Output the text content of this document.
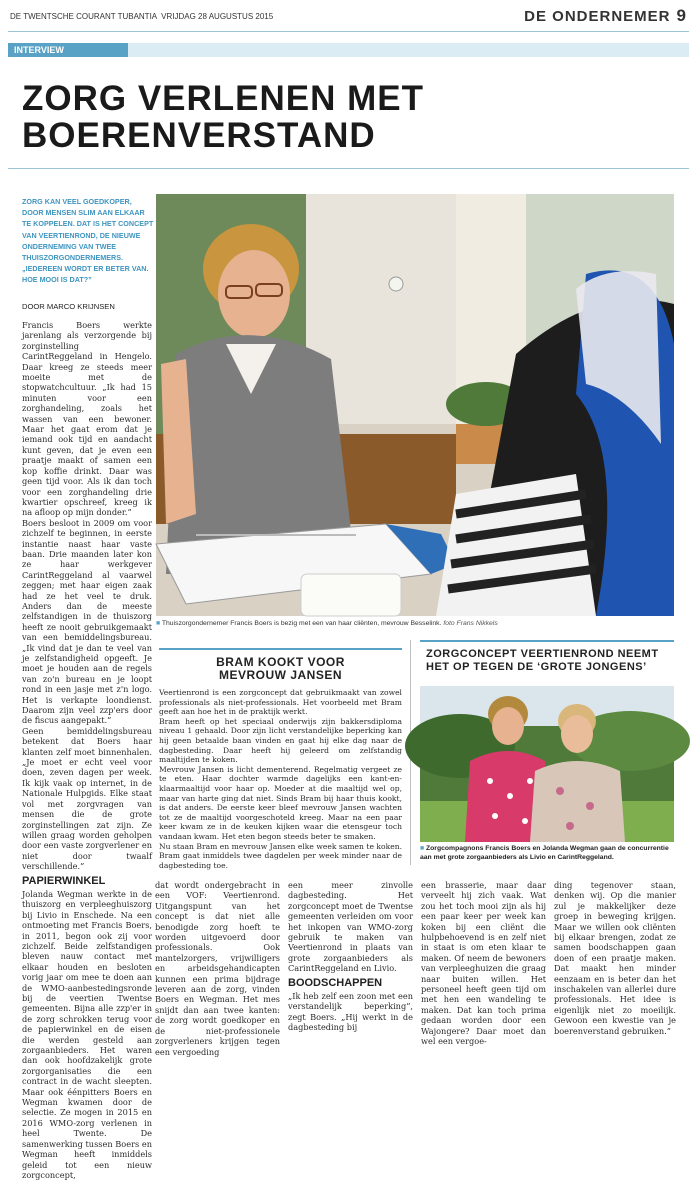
DE TWENTSCHE COURANT TUBANTIA VRIJDAG 28 AUGUSTUS 2015	DE ONDERNEMER 9
INTERVIEW
ZORG VERLENEN MET
BOERENVERSTAND
ZORG KAN VEEL GOEDKOPER, DOOR MENSEN SLIM AAN ELKAAR TE KOPPELEN. DAT IS HET CONCEPT VAN VEERTIENROND, DE NIEUWE ONDERNEMING VAN TWEE THUISZORGONDERNEMERS. „IEDEREEN WORDT ER BETER VAN. HOE MOOI IS DAT?”
DOOR MARCO KRIJNSEN

Francis Boers werkte jarenlang als verzorgende bij zorginstelling CarintReggeland in Hengelo. Daar kreeg ze steeds meer moeite met de stopwatchcultuur. „Ik had 15 minuten voor een zorghandeling, zoals het wassen van een bewoner. Maar het gaat erom dat je iemand ook tijd en aandacht kunt geven, dat je even een praatje maakt of samen een kop koffie drinkt. Daar was geen tijd voor. Als ik dan toch voor een zorghandeling drie kwartier opschreef, kreeg ik na afloop op mijn donder.”

Boers besloot in 2009 om voor zichzelf te beginnen, in eerste instantie naast haar vaste baan. Drie maanden later kon ze haar werkgever CarintReggeland al vaarwel zeggen; met haar eigen zaak had ze het veel te druk. Anders dan de meeste zelfstandigen in de thuiszorg heeft ze nooit gebruikgemaakt van een bemiddelingsbureau. „Ik vind dat je dan te veel van je zelfstandigheid opgeeft. Je moet je houden aan de regels van zo'n bureau en je loopt rond in een jasje met z'n logo. Het is verkapte loondienst. Daarom zijn veel zzp'ers door de fiscus aangepakt.”

Geen bemiddelingsbureau betekent dat Boers haar klanten zelf moet binnenhalen. „Je moet er echt veel voor doen, zeven dagen per week. Ik kijk vaak op internet, in de Nationale Hulpgids. Elke staat vol met zorgvragen van mensen die de grote zorginstellingen zat zijn. Ze willen graag worden geholpen door een vaste zorgverlener en niet door twaalf verschillende.”

PAPIERWINKEL

Jolanda Wegman werkte in de thuiszorg en verpleeghuiszorg bij Livio in Enschede. Na een ontmoeting met Francis Boers, in 2011, begon ook zij voor zichzelf. Beide zelfstandigen bleven nauw contact met elkaar houden en besloten vorig jaar om mee te doen aan de WMO-aanbestedingsronde bij de veertien Twentse gemeenten. Bijna alle zzp'er in de zorg schrokken terug voor de papierwinkel en de eisen die werden gesteld aan zorgaanbieders. Het waren dan ook hoofdzakelijk grote zorgorganisaties die een contract in de wacht sleepten. Maar ook éénpitters Boers en Wegman kwamen door de selectie. Ze mogen in 2015 en 2016 WMO-zorg verlenen in heel Twente. De samenwerking tussen Boers en Wegman heeft inmiddels geleid tot een nieuw zorgconcept,

■ Thuiszorgondernemer Francis Boers is bezig met een van haar cliënten, mevrouw Besselink. foto Frans Nikkels
BRAM KOOKT VOOR
MEVROUW JANSEN

Veertienrond is een zorgconcept dat gebruikmaakt van zowel professionals als niet-professionals. Het voorbeeld met Bram geeft aan hoe het in de praktijk werkt.

Bram heeft op het speciaal onderwijs zijn bakkersdiploma niveau 1 gehaald. Door zijn licht verstandelijke beperking kan hij geen betaalde baan vinden en gaat hij elke dag naar de dagbesteding. Daar heeft hij geleerd om zelfstandig maaltijden te koken.

Mevrouw Jansen is licht dementerend. Regelmatig vergeet ze te eten. Haar dochter warmde dagelijks een kant-en-klaarmaaltijd voor haar op. Moeder at die maaltijd wel op, maar van harte ging dat niet. Sinds Bram bij haar thuis kookt, is dat anders. De eerste keer bleef mevrouw Jansen wachten tot ze de maaltijd voorgeschoteld kreeg. Maar na een paar keer kwam ze in de keuken kijken waar die etensgeur toch vandaan kwam. Het eten begon steeds beter te smaken.

Nu staan Bram en mevrouw Jansen elke week samen te koken. Bram gaat inmiddels twee dagdelen per week minder naar de dagbesteding toe.

ZORGCONCEPT VEERTIENROND NEEMT
HET OP TEGEN DE ‘GROTE JONGENS’
■ Zorgcompagnons Francis Boers en Jolanda Wegman gaan de concurrentie aan met grote zorgaanbieders als Livio en CarintReggeland.

dat wordt ondergebracht in een VOF: Veertienrond. Uitgangspunt van het concept is dat niet alle benodigde zorg hoeft te worden uitgevoerd door professionals. Ook mantelzorgers, vrijwilligers en arbeidsgehandicapten kunnen een prima bijdrage leveren aan de zorg, vinden Boers en Wegman. Het mes snijdt dan aan twee kanten: de zorg wordt goedkoper en de niet-professionele zorgverleners krijgen tegen een vergoeding

een meer zinvolle dagbesteding. Het zorgconcept moet de Twentse gemeenten verleiden om voor het inkopen van WMO-zorg gebruik te maken van Veertienrond in plaats van grote zorgaanbieders als CarintReggeland en Livio.

BOODSCHAPPEN

„Ik heb zelf een zoon met een verstandelijk beperking”, zegt Boers. „Hij werkt in de dagbesteding bij

een brasserie, maar daar verveelt hij zich vaak. Wat zou het toch mooi zijn als hij een paar keer per week kan koken bij een cliënt die hulpbehoevend is en zelf niet in staat is om eten klaar te maken. Of neem de bewoners van verpleeghuizen die graag naar buiten willen. Het personeel heeft geen tijd om met hen een wandeling te maken. Dat kan toch prima gedaan worden door een Wajongere? Daar moet dan wel een vergoe-

ding tegenover staan, denken wij. Op die manier zul je makkelijker deze groep in beweging krijgen. Maar we willen ook cliënten bij elkaar brengen, zodat ze samen boodschappen gaan doen of een praatje maken. Dat maakt hen minder eenzaam en is beter dan het inschakelen van allerlei dure professionals. Het idee is eigenlijk niet zo moeilijk. Gewoon een kwestie van je boerenverstand gebruiken.”
